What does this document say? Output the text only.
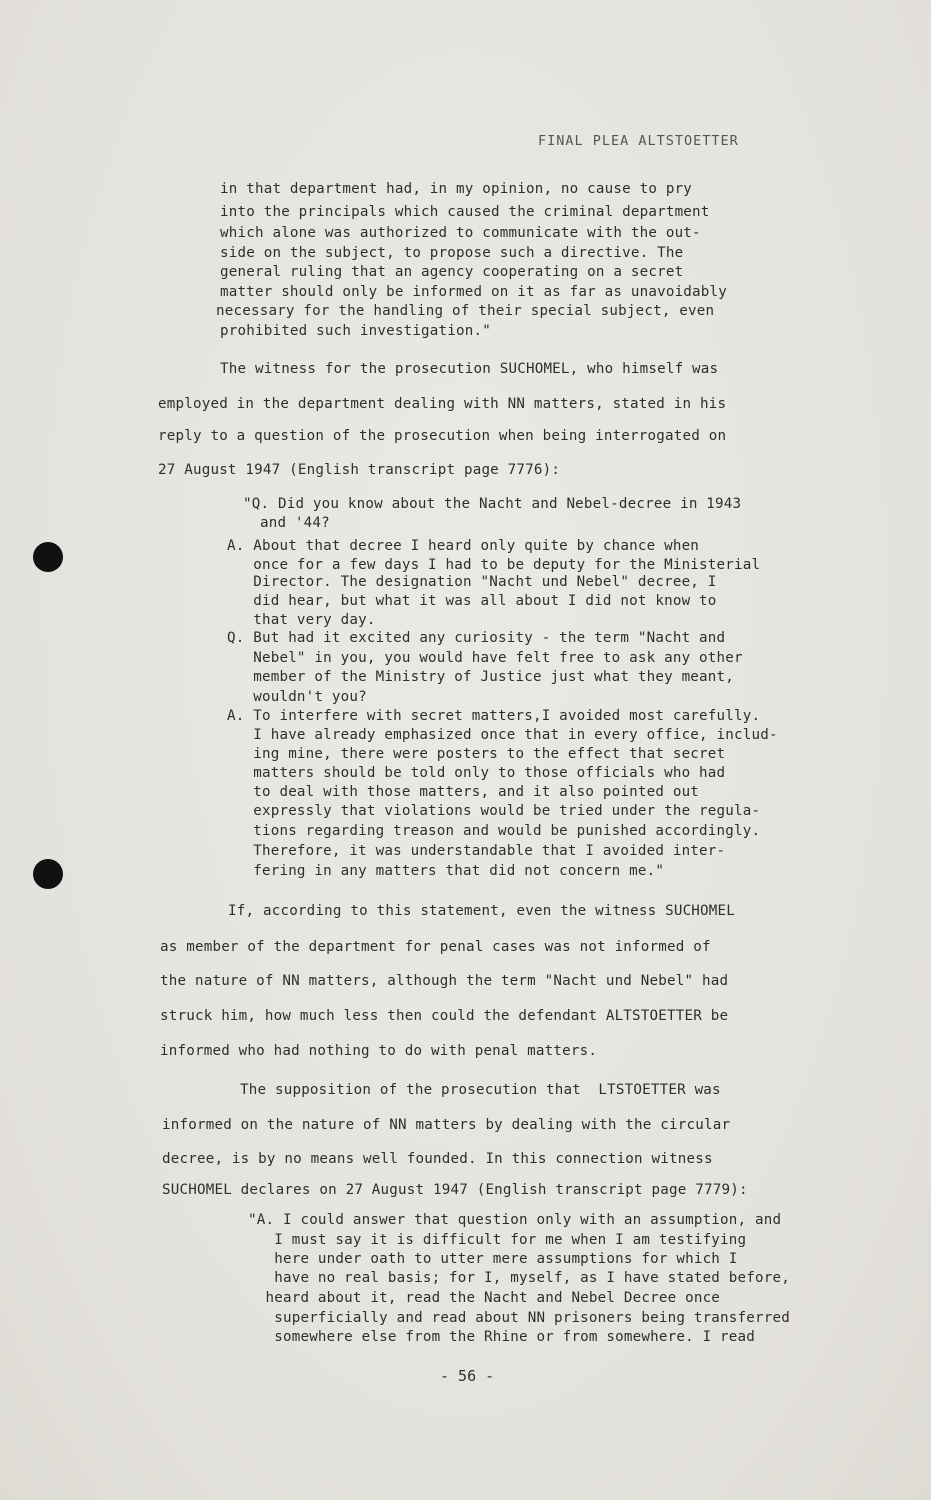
FINAL PLEA ALTSTOETTER
in that department had, in my opinion, no cause to pry
into the principals which caused the criminal department
which alone was authorized to communicate with the out-
side on the subject, to propose such a directive. The
general ruling that an agency cooperating on a secret
matter should only be informed on it as far as unavoidably
necessary for the handling of their special subject, even
prohibited such investigation."
The witness for the prosecution SUCHOMEL, who himself was
employed in the department dealing with NN matters, stated in his
reply to a question of the prosecution when being interrogated on
27 August 1947 (English transcript page 7776):
"Q. Did you know about the Nacht and Nebel-decree in 1943
and '44?
A. About that decree I heard only quite by chance when
once for a few days I had to be deputy for the Ministerial
Director. The designation "Nacht und Nebel" decree, I
did hear, but what it was all about I did not know to
that very day.
Q. But had it excited any curiosity - the term "Nacht and
Nebel" in you, you would have felt free to ask any other
member of the Ministry of Justice just what they meant,
wouldn't you?
A. To interfere with secret matters,I avoided most carefully.
I have already emphasized once that in every office, includ-
ing mine, there were posters to the effect that secret
matters should be told only to those officials who had
to deal with those matters, and it also pointed out
expressly that violations would be tried under the regula-
tions regarding treason and would be punished accordingly.
Therefore, it was understandable that I avoided inter-
fering in any matters that did not concern me."
If, according to this statement, even the witness SUCHOMEL
as member of the department for penal cases was not informed of
the nature of NN matters, although the term "Nacht und Nebel" had
struck him, how much less then could the defendant ALTSTOETTER be
informed who had nothing to do with penal matters.
The supposition of the prosecution that  LTSTOETTER was
informed on the nature of NN matters by dealing with the circular
decree, is by no means well founded. In this connection witness
SUCHOMEL declares on 27 August 1947 (English transcript page 7779):
"A. I could answer that question only with an assumption, and
I must say it is difficult for me when I am testifying
here under oath to utter mere assumptions for which I
have no real basis; for I, myself, as I have stated before,
heard about it, read the Nacht and Nebel Decree once
superficially and read about NN prisoners being transferred
somewhere else from the Rhine or from somewhere. I read
- 56 -
